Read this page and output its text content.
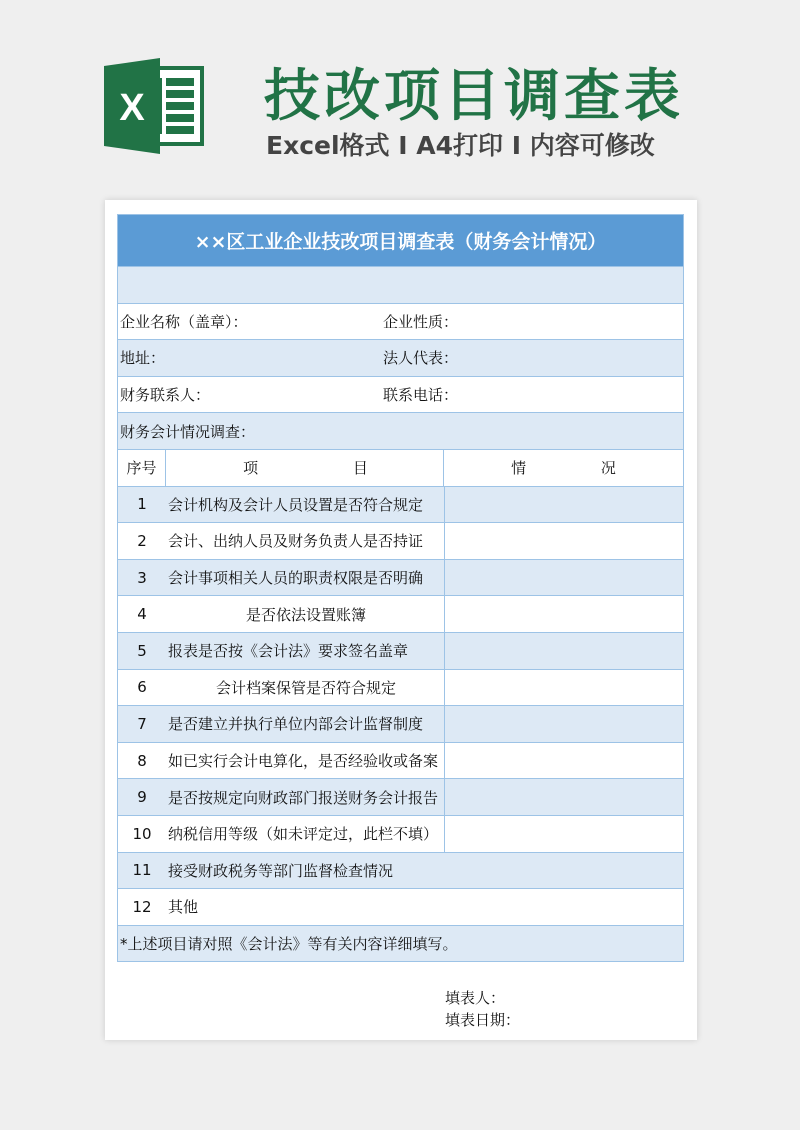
X 技改项目调查表
Excel格式 Ⅰ A4打印 Ⅰ 内容可修改
××区工业企业技改项目调查表（财务会计情况）
企业名称（盖章）：	企业性质：
地址：	法人代表：
财务联系人：	联系电话：
财务会计情况调查：
序号	项 目	情 况
1	会计机构及会计人员设置是否符合规定
2	会计、出纳人员及财务负责人是否持证
3	会计事项相关人员的职责权限是否明确
4	是否依法设置账簿
5	报表是否按《会计法》要求签名盖章
6	会计档案保管是否符合规定
7	是否建立并执行单位内部会计监督制度
8	如已实行会计电算化，是否经验收或备案
9	是否按规定向财政部门报送财务会计报告
10	纳税信用等级（如未评定过，此栏不填）
11	接受财政税务等部门监督检查情况
12	其他
*上述项目请对照《会计法》等有关内容详细填写。
填表人：
填表日期：
